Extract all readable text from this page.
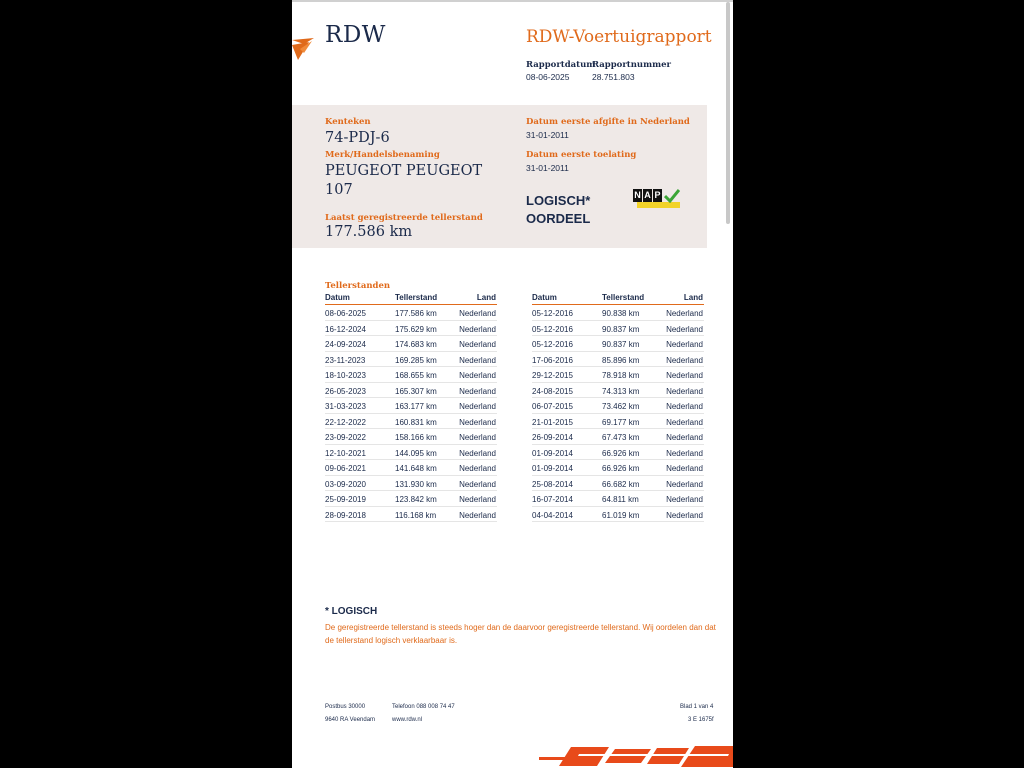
RDW	RDW-Voertuigrapport
Rapportdatum
08-06-2025
Rapportnummer
28.751.803
Kenteken
74-PDJ-6
Merk/Handelsbenaming
PEUGEOT PEUGEOT
107
Laatst geregistreerde tellerstand
177.586 km
Datum eerste afgifte in Nederland
31-01-2011
Datum eerste toelating
31-01-2011
LOGISCH*
OORDEEL
N A P
Tellerstanden
Datum	Tellerstand	Land
08-06-2025	177.586 km	Nederland
16-12-2024	175.629 km	Nederland
24-09-2024	174.683 km	Nederland
23-11-2023	169.285 km	Nederland
18-10-2023	168.655 km	Nederland
26-05-2023	165.307 km	Nederland
31-03-2023	163.177 km	Nederland
22-12-2022	160.831 km	Nederland
23-09-2022	158.166 km	Nederland
12-10-2021	144.095 km	Nederland
09-06-2021	141.648 km	Nederland
03-09-2020	131.930 km	Nederland
25-09-2019	123.842 km	Nederland
28-09-2018	116.168 km	Nederland
Datum	Tellerstand	Land
05-12-2016	90.838 km	Nederland
05-12-2016	90.837 km	Nederland
05-12-2016	90.837 km	Nederland
17-06-2016	85.896 km	Nederland
29-12-2015	78.918 km	Nederland
24-08-2015	74.313 km	Nederland
06-07-2015	73.462 km	Nederland
21-01-2015	69.177 km	Nederland
26-09-2014	67.473 km	Nederland
01-09-2014	66.926 km	Nederland
01-09-2014	66.926 km	Nederland
25-08-2014	66.682 km	Nederland
16-07-2014	64.811 km	Nederland
04-04-2014	61.019 km	Nederland
* LOGISCH
De geregistreerde tellerstand is steeds hoger dan de daarvoor geregistreerde tellerstand. Wij oordelen dan dat de tellerstand logisch verklaarbaar is.
Postbus 30000
9640 RA Veendam
Telefoon 088 008 74 47
www.rdw.nl
Blad 1 van 4
3 E 1675f
